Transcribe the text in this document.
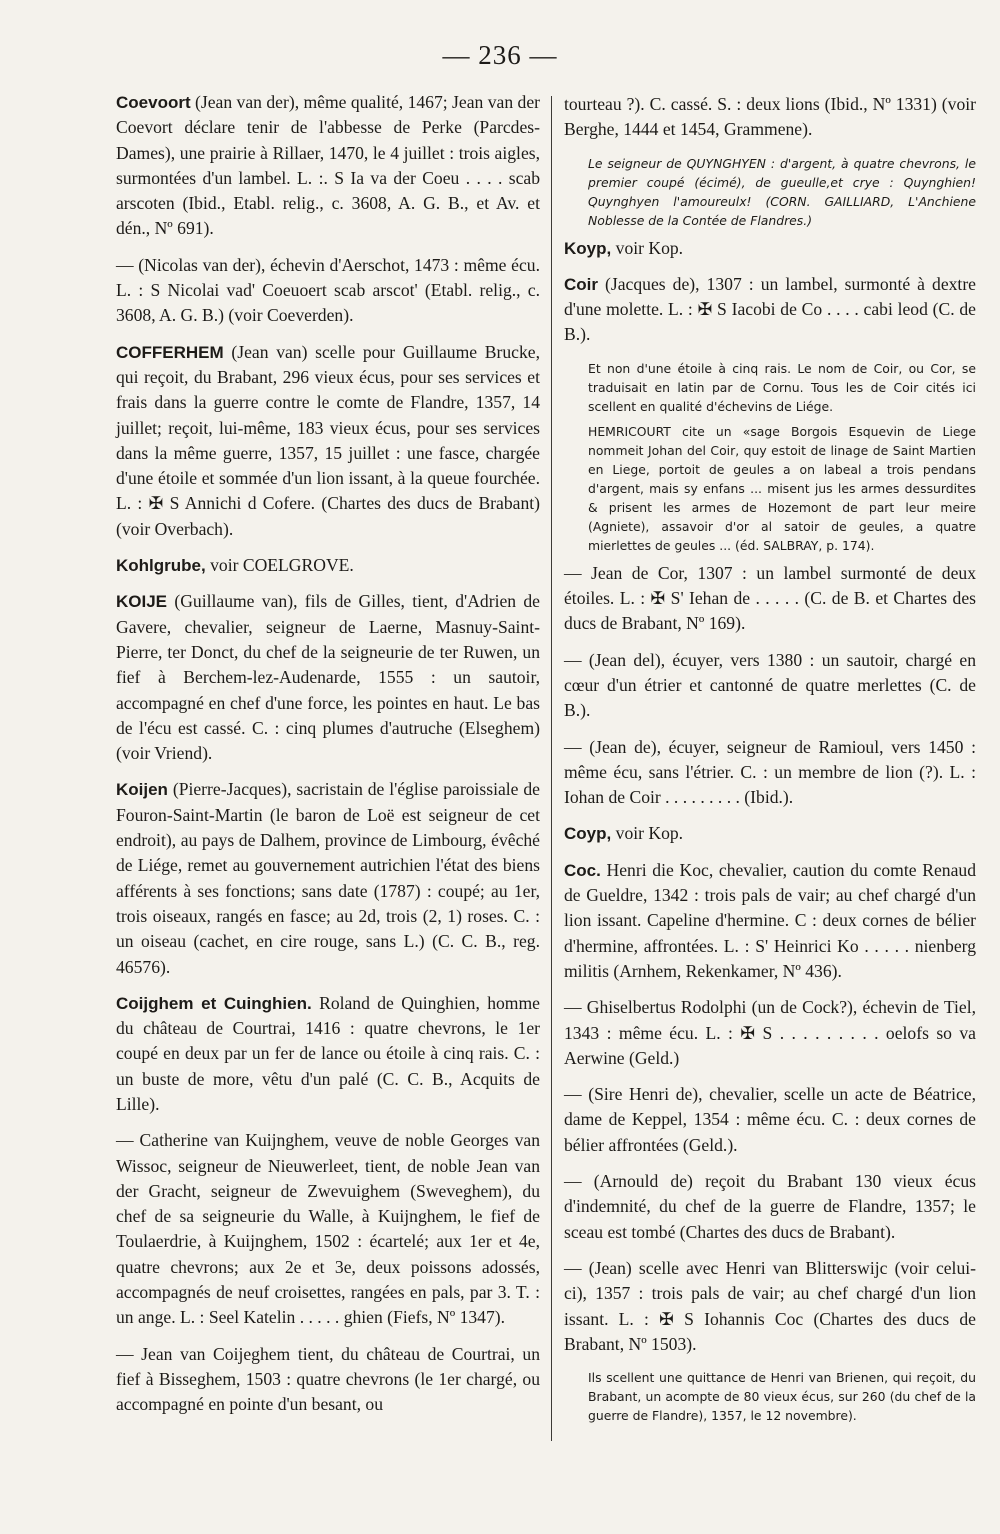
— 236 —

Coevoort (Jean van der), même qualité, 1467; Jean van der Coevort déclare tenir de l'abbesse de Perke (Parcdes-Dames), une prairie à Rillaer, 1470, le 4 juillet : trois aigles, surmontées d'un lambel. L. :. S Ia va der Coeu . . . . scab arscoten (Ibid., Etabl. relig., c. 3608, A. G. B., et Av. et dén., Nº 691).

— (Nicolas van der), échevin d'Aerschot, 1473 : même écu. L. : S Nicolai vad' Coeuoert scab arscot' (Etabl. relig., c. 3608, A. G. B.) (voir Coeverden).

COFFERHEM (Jean van) scelle pour Guillaume Brucke, qui reçoit, du Brabant, 296 vieux écus, pour ses services et frais dans la guerre contre le comte de Flandre, 1357, 14 juillet; reçoit, lui-même, 183 vieux écus, pour ses services dans la même guerre, 1357, 15 juillet : une fasce, chargée d'une étoile et sommée d'un lion issant, à la queue fourchée. L. : ✠ S Annichi d Cofere. (Chartes des ducs de Brabant) (voir Overbach).

Kohlgrube, voir COELGROVE.

KOIJE (Guillaume van), fils de Gilles, tient, d'Adrien de Gavere, chevalier, seigneur de Laerne, Masnuy-Saint-Pierre, ter Donct, du chef de la seigneurie de ter Ruwen, un fief à Berchem-lez-Audenarde, 1555 : un sautoir, accompagné en chef d'une force, les pointes en haut. Le bas de l'écu est cassé. C. : cinq plumes d'autruche (Elseghem) (voir Vriend).

Koijen (Pierre-Jacques), sacristain de l'église paroissiale de Fouron-Saint-Martin (le baron de Loë est seigneur de cet endroit), au pays de Dalhem, province de Limbourg, évêché de Liége, remet au gouvernement autrichien l'état des biens afférents à ses fonctions; sans date (1787) : coupé; au 1er, trois oiseaux, rangés en fasce; au 2d, trois (2, 1) roses. C. : un oiseau (cachet, en cire rouge, sans L.) (C. C. B., reg. 46576).

Coijghem et Cuinghien. Roland de Quinghien, homme du château de Courtrai, 1416 : quatre chevrons, le 1er coupé en deux par un fer de lance ou étoile à cinq rais. C. : un buste de more, vêtu d'un palé (C. C. B., Acquits de Lille).

— Catherine van Kuijnghem, veuve de noble Georges van Wissoc, seigneur de Nieuwerleet, tient, de noble Jean van der Gracht, seigneur de Zwevuighem (Sweveghem), du chef de sa seigneurie du Walle, à Kuijnghem, le fief de Toulaerdrie, à Kuijnghem, 1502 : écartelé; aux 1er et 4e, quatre chevrons; aux 2e et 3e, deux poissons adossés, accompagnés de neuf croisettes, rangées en pals, par 3. T. : un ange. L. : Seel Katelin . . . . . ghien (Fiefs, Nº 1347).

— Jean van Coijeghem tient, du château de Courtrai, un fief à Bisseghem, 1503 : quatre chevrons (le 1er chargé, ou accompagné en pointe d'un besant, ou

tourteau ?). C. cassé. S. : deux lions (Ibid., Nº 1331) (voir Berghe, 1444 et 1454, Grammene).

Le seigneur de QUYNGHYEN : d'argent, à quatre chevrons, le premier coupé (écimé), de gueulle,et crye : Quynghien! Quynghyen l'amoureulx! (CORN. GAILLIARD, L'Anchiene Noblesse de la Contée de Flandres.)

Koyp, voir Kop.

Coir (Jacques de), 1307 : un lambel, surmonté à dextre d'une molette. L. : ✠ S Iacobi de Co . . . . cabi leod (C. de B.).

Et non d'une étoile à cinq rais. Le nom de Coir, ou Cor, se traduisait en latin par de Cornu. Tous les de Coir cités ici scellent en qualité d'échevins de Liége.

HEMRICOURT cite un «sage Borgois Esquevin de Liege nommeit Johan del Coir, quy estoit de linage de Saint Martien en Liege, portoit de geules a on labeal a trois pendans d'argent, mais sy enfans ... misent jus les armes dessurdites & prisent les armes de Hozemont de part leur meire (Agniete), assavoir d'or al satoir de geules, a quatre mierlettes de geules ... (éd. SALBRAY, p. 174).

— Jean de Cor, 1307 : un lambel surmonté de deux étoiles. L. : ✠ S' Iehan de . . . . . (C. de B. et Chartes des ducs de Brabant, Nº 169).

— (Jean del), écuyer, vers 1380 : un sautoir, chargé en cœur d'un étrier et cantonné de quatre merlettes (C. de B.).

— (Jean de), écuyer, seigneur de Ramioul, vers 1450 : même écu, sans l'étrier. C. : un membre de lion (?). L. : Iohan de Coir . . . . . . . . . (Ibid.).

Coyp, voir Kop.

Coc. Henri die Koc, chevalier, caution du comte Renaud de Gueldre, 1342 : trois pals de vair; au chef chargé d'un lion issant. Capeline d'hermine. C : deux cornes de bélier d'hermine, affrontées. L. : S' Heinrici Ko . . . . . nienberg militis (Arnhem, Rekenkamer, Nº 436).

— Ghiselbertus Rodolphi (un de Cock?), échevin de Tiel, 1343 : même écu. L. : ✠ S . . . . . . . . . oelofs so va Aerwine (Geld.)

— (Sire Henri de), chevalier, scelle un acte de Béatrice, dame de Keppel, 1354 : même écu. C. : deux cornes de bélier affrontées (Geld.).

— (Arnould de) reçoit du Brabant 130 vieux écus d'indemnité, du chef de la guerre de Flandre, 1357; le sceau est tombé (Chartes des ducs de Brabant).

— (Jean) scelle avec Henri van Blitterswijc (voir celui-ci), 1357 : trois pals de vair; au chef chargé d'un lion issant. L. : ✠ S Iohannis Coc (Chartes des ducs de Brabant, Nº 1503).

Ils scellent une quittance de Henri van Brienen, qui reçoit, du Brabant, un acompte de 80 vieux écus, sur 260 (du chef de la guerre de Flandre), 1357, le 12 novembre).
